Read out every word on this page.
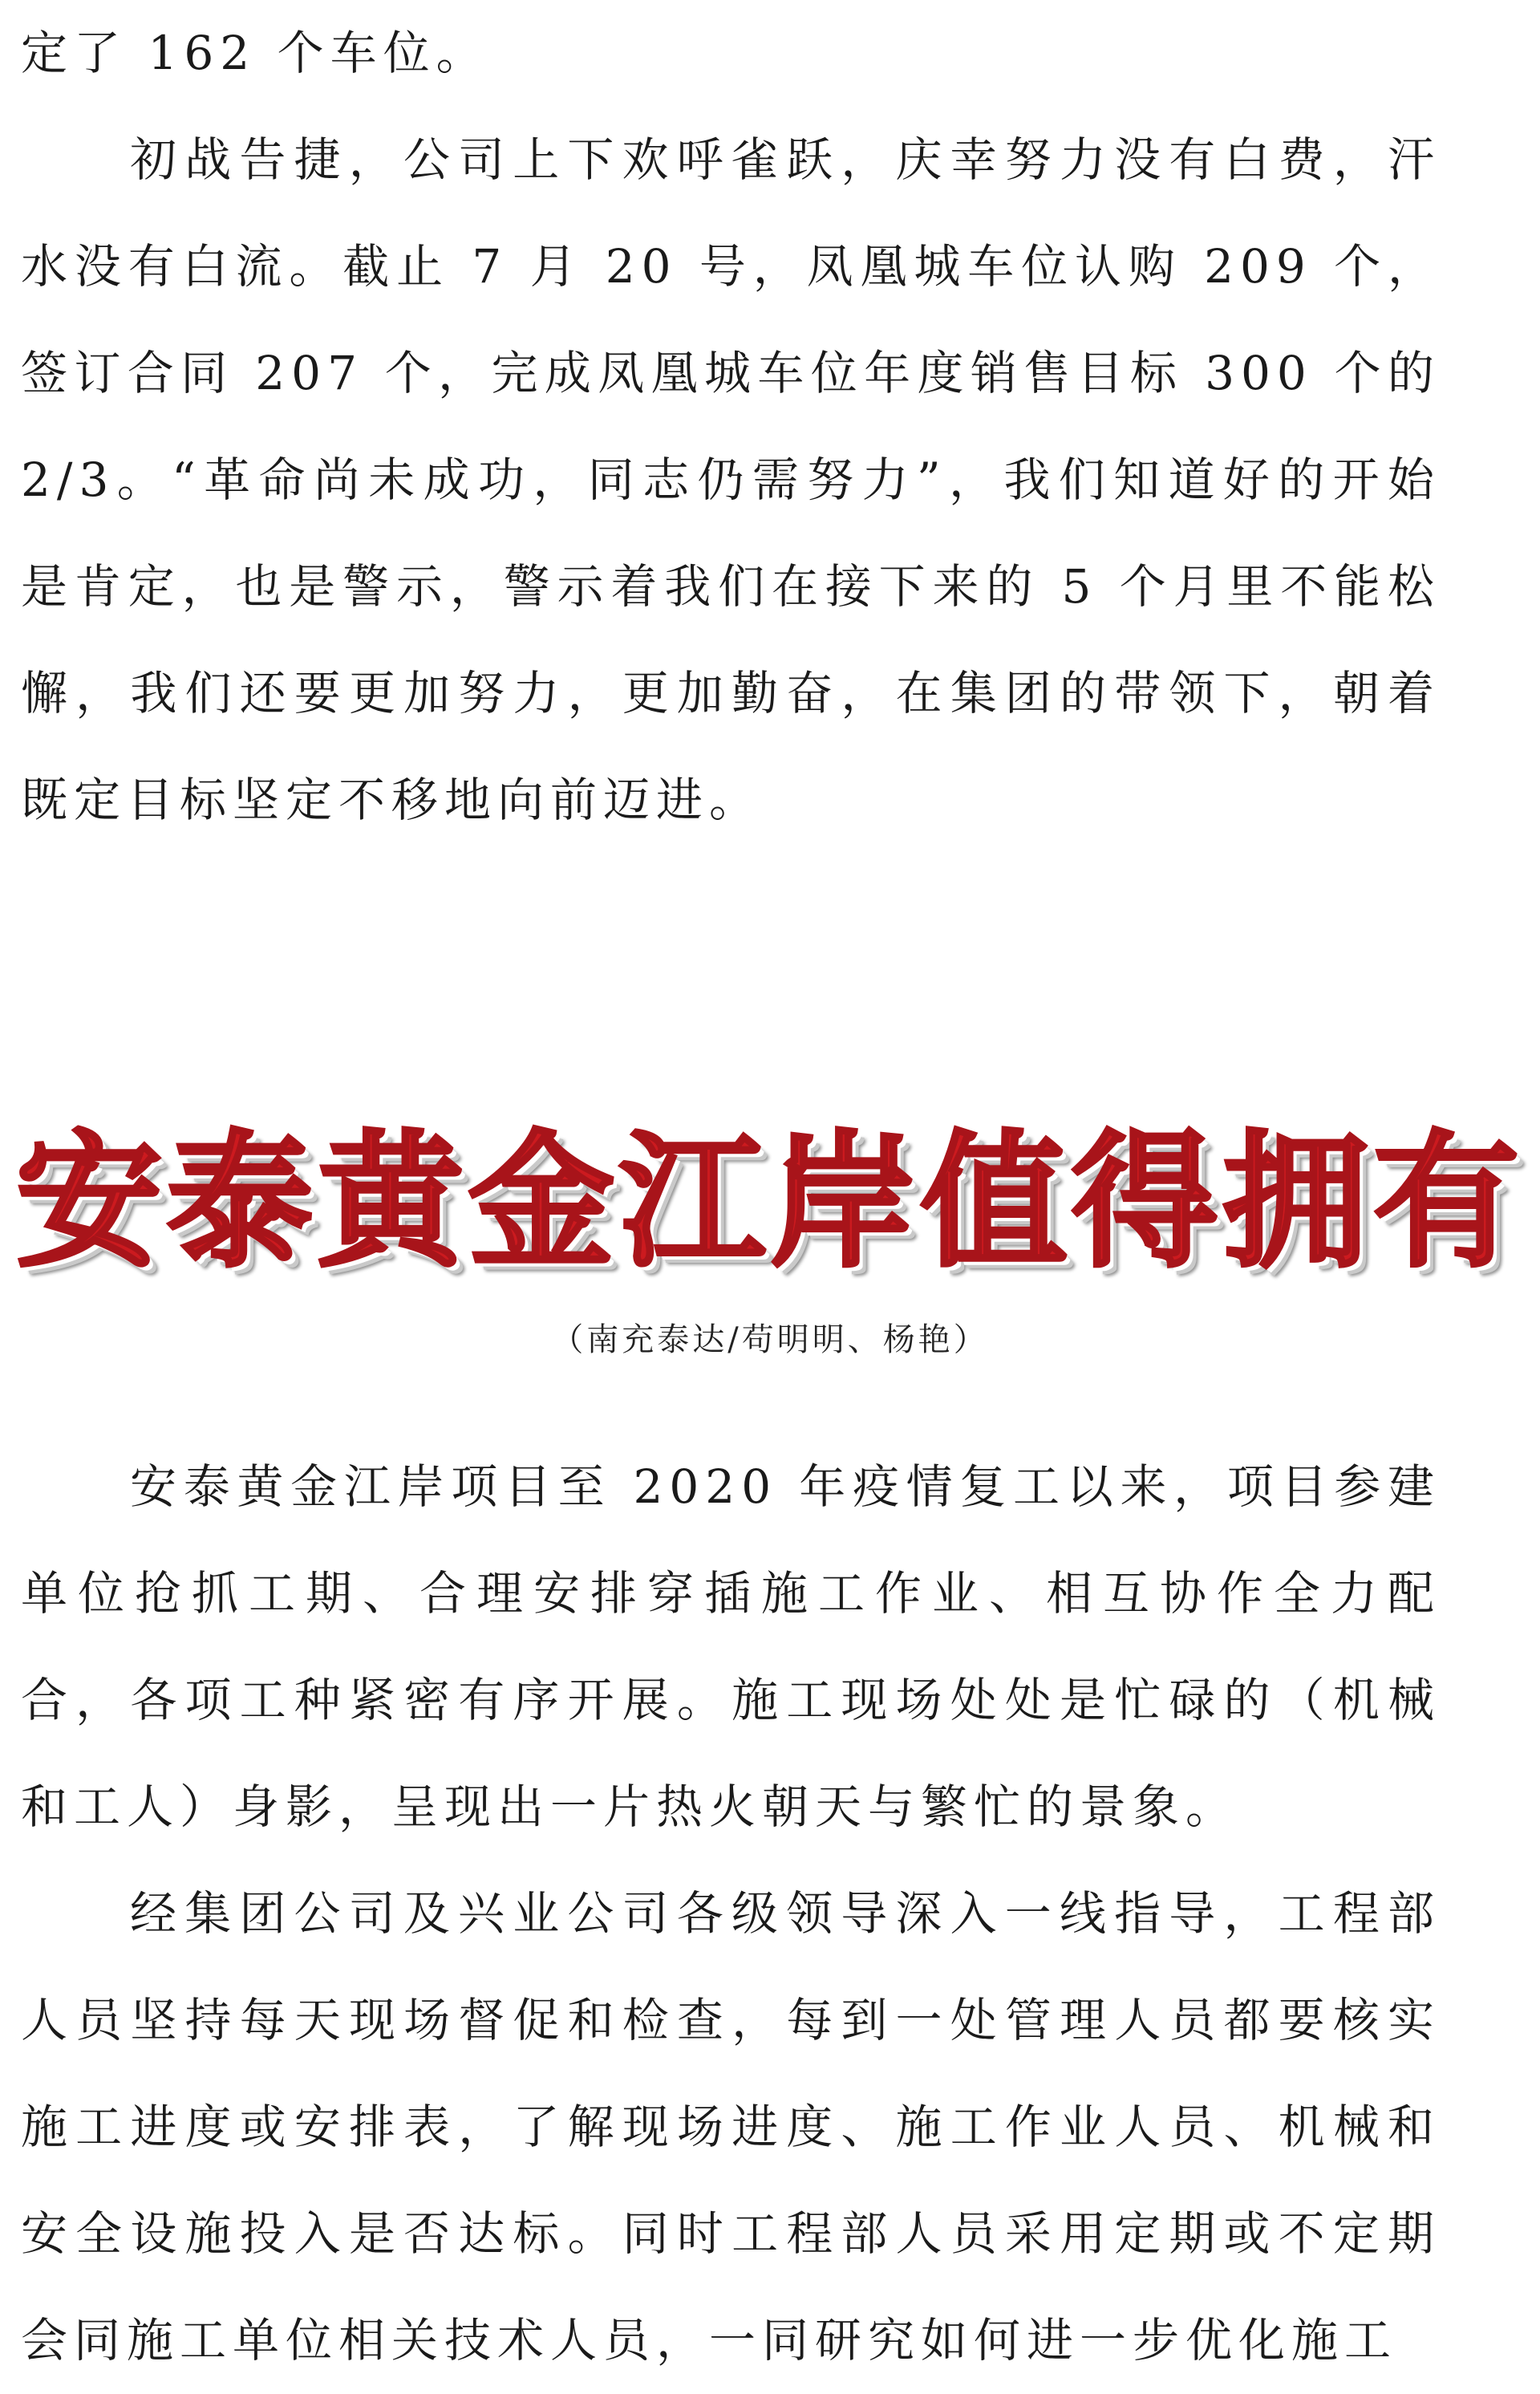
定了 162 个车位。

初战告捷，公司上下欢呼雀跃，庆幸努力没有白费，汗水没有白流。截止 7 月 20 号，凤凰城车位认购 209 个，签订合同 207 个，完成凤凰城车位年度销售目标 300 个的 2/3。“革命尚未成功，同志仍需努力”，我们知道好的开始是肯定，也是警示，警示着我们在接下来的 5 个月里不能松懈，我们还要更加努力，更加勤奋，在集团的带领下，朝着既定目标坚定不移地向前迈进。

安泰黄金江岸值得拥有

（南充泰达/苟明明、杨艳）

安泰黄金江岸项目至 2020 年疫情复工以来，项目参建单位抢抓工期、合理安排穿插施工作业、相互协作全力配合，各项工种紧密有序开展。施工现场处处是忙碌的（机械和工人）身影，呈现出一片热火朝天与繁忙的景象。

经集团公司及兴业公司各级领导深入一线指导，工程部人员坚持每天现场督促和检查，每到一处管理人员都要核实施工进度或安排表，了解现场进度、施工作业人员、机械和安全设施投入是否达标。同时工程部人员采用定期或不定期会同施工单位相关技术人员，一同研究如何进一步优化施工
